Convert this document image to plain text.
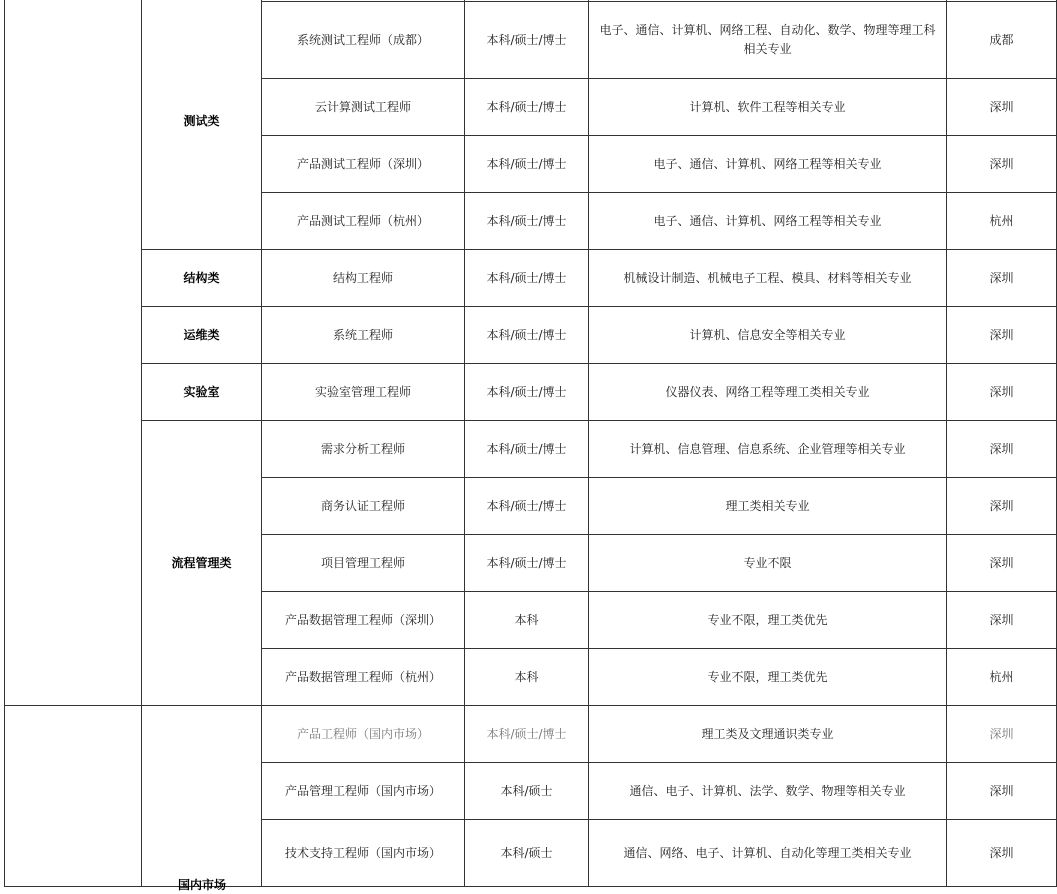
	测试类				
		系统测试工程师（成都）	本科/硕士/博士	电子、通信、计算机、网络工程、自动化、数学、物理等理工科相关专业	成都
		云计算测试工程师	本科/硕士/博士	计算机、软件工程等相关专业	深圳
		产品测试工程师（深圳）	本科/硕士/博士	电子、通信、计算机、网络工程等相关专业	深圳
		产品测试工程师（杭州）	本科/硕士/博士	电子、通信、计算机、网络工程等相关专业	杭州
	结构类	结构工程师	本科/硕士/博士	机械设计制造、机械电子工程、模具、材料等相关专业	深圳
	运维类	系统工程师	本科/硕士/博士	计算机、信息安全等相关专业	深圳
	实验室	实验室管理工程师	本科/硕士/博士	仪器仪表、网络工程等理工类相关专业	深圳
	流程管理类	需求分析工程师	本科/硕士/博士	计算机、信息管理、信息系统、企业管理等相关专业	深圳
		商务认证工程师	本科/硕士/博士	理工类相关专业	深圳
		项目管理工程师	本科/硕士/博士	专业不限	深圳
		产品数据管理工程师（深圳）	本科	专业不限，理工类优先	深圳
		产品数据管理工程师（杭州）	本科	专业不限，理工类优先	杭州
		产品工程师（国内市场）	本科/硕士/博士	理工类及文理通识类专业	深圳
		产品管理工程师（国内市场）	本科/硕士	通信、电子、计算机、法学、数学、物理等相关专业	深圳
		技术支持工程师（国内市场）	本科/硕士	通信、网络、电子、计算机、自动化等理工类相关专业	深圳
国内市场
